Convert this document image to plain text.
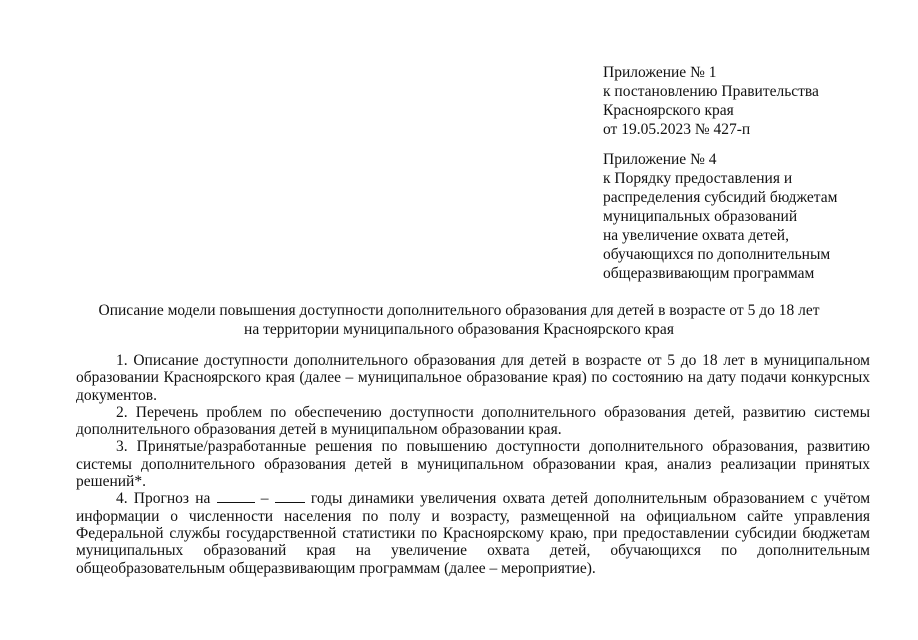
Приложение № 1
к постановлению Правительства
Красноярского края
от 19.05.2023 № 427-п
Приложение № 4
к Порядку предоставления и
распределения субсидий бюджетам
муниципальных образований
на увеличение охвата детей,
обучающихся по дополнительным
общеразвивающим программам
Описание модели повышения доступности дополнительного образования для детей в возрасте от 5 до 18 лет
на территории муниципального образования Красноярского края

1. Описание доступности дополнительного образования для детей в возрасте от 5 до 18 лет в муниципальном образовании Красноярского края (далее – муниципальное образование края) по состоянию на дату подачи конкурсных документов.

2. Перечень проблем по обеспечению доступности дополнительного образования детей, развитию системы дополнительного образования детей в муниципальном образовании края.

3. Принятые/разработанные решения по повышению доступности дополнительного образования, развитию системы дополнительного образования детей в муниципальном образовании края, анализ реализации принятых решений*.

4. Прогноз на	–	годы динамики увеличения охвата детей дополнительным образованием с учётом информации о численности населения по полу и возрасту, размещенной на официальном сайте управления Федеральной службы государственной статистики по Красноярскому краю, при предоставлении субсидии бюджетам муниципальных образований края на увеличение охвата детей, обучающихся по дополнительным общеобразовательным общеразвивающим программам (далее – мероприятие).
